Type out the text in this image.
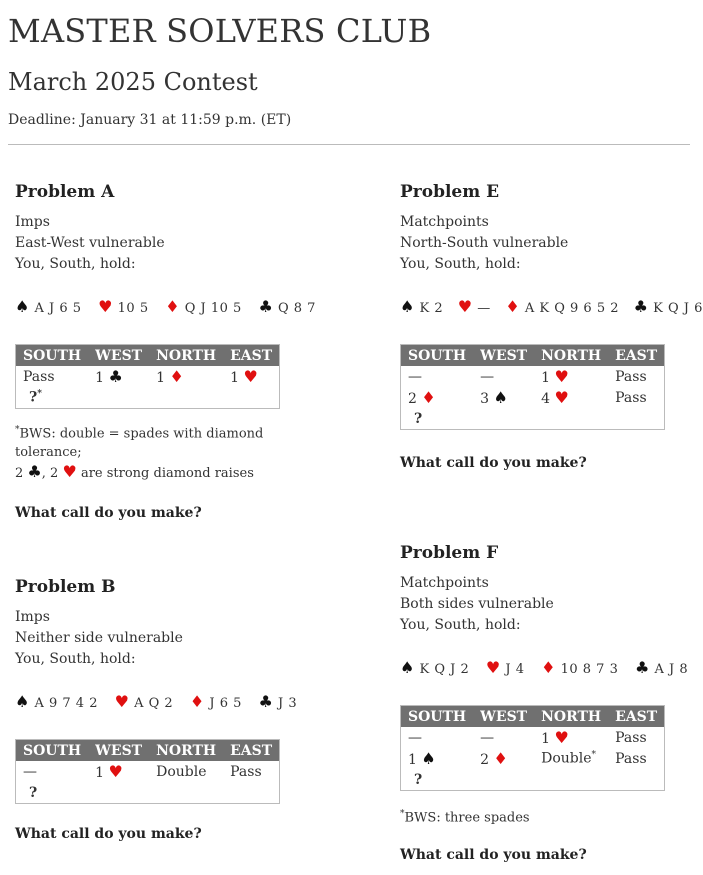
MASTER SOLVERS CLUB
March 2025 Contest
Deadline: January 31 at 11:59 p.m. (ET)
Problem A
Imps
East-West vulnerable
You, South, hold:
♠ A J 6 5 ♥ 10 5 ♦ Q J 10 5 ♣ Q 8 7
SOUTH	WEST	NORTH	EAST
Pass	1 ♣	1 ♦	1 ♥
?*			
*BWS: double = spades with diamond tolerance;
2 ♣, 2 ♥ are strong diamond raises
What call do you make?
Problem B
Imps
Neither side vulnerable
You, South, hold:
♠ A 9 7 4 2 ♥ A Q 2 ♦ J 6 5 ♣ J 3
SOUTH	WEST	NORTH	EAST
—	1 ♥	Double	Pass
?			
What call do you make?
Problem E
Matchpoints
North-South vulnerable
You, South, hold:
♠ K 2 ♥ — ♦ A K Q 9 6 5 2 ♣ K Q J 6
SOUTH	WEST	NORTH	EAST
—	—	1 ♥	Pass
2 ♦	3 ♠	4 ♥	Pass
?			
What call do you make?
Problem F
Matchpoints
Both sides vulnerable
You, South, hold:
♠ K Q J 2 ♥ J 4 ♦ 10 8 7 3 ♣ A J 8
SOUTH	WEST	NORTH	EAST
—	—	1 ♥	Pass
1 ♠	2 ♦	Double*	Pass
?			
*BWS: three spades
What call do you make?
